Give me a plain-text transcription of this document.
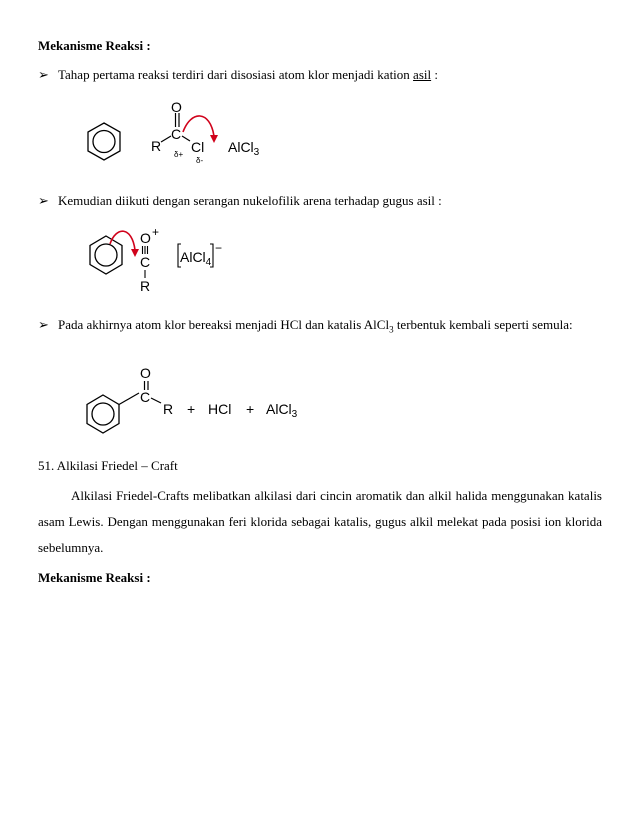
Mekanisme Reaksi :
➢ Tahap pertama reaksi terdiri dari disosiasi atom klor menjadi kation asil :
R
C
O
δ+ Cl
δ-
AlCl$_3$
➢ Kemudian diikuti dengan serangan nukelofilik arena terhadap gugus asil :
O +
C
R
AlCl$_4$
−
➢ Pada akhirnya atom klor bereaksi menjadi HCl dan katalis AlCl$_3$ terbentuk kembali seperti semula:
O
C
R + HCl + AlCl$_3$
51. Alkilasi Friedel – Craft
Alkilasi Friedel-Crafts melibatkan alkilasi dari cincin aromatik dan alkil halida menggunakan katalis asam Lewis. Dengan menggunakan feri klorida sebagai katalis, gugus alkil melekat pada posisi ion klorida sebelumnya.
Mekanisme Reaksi :
